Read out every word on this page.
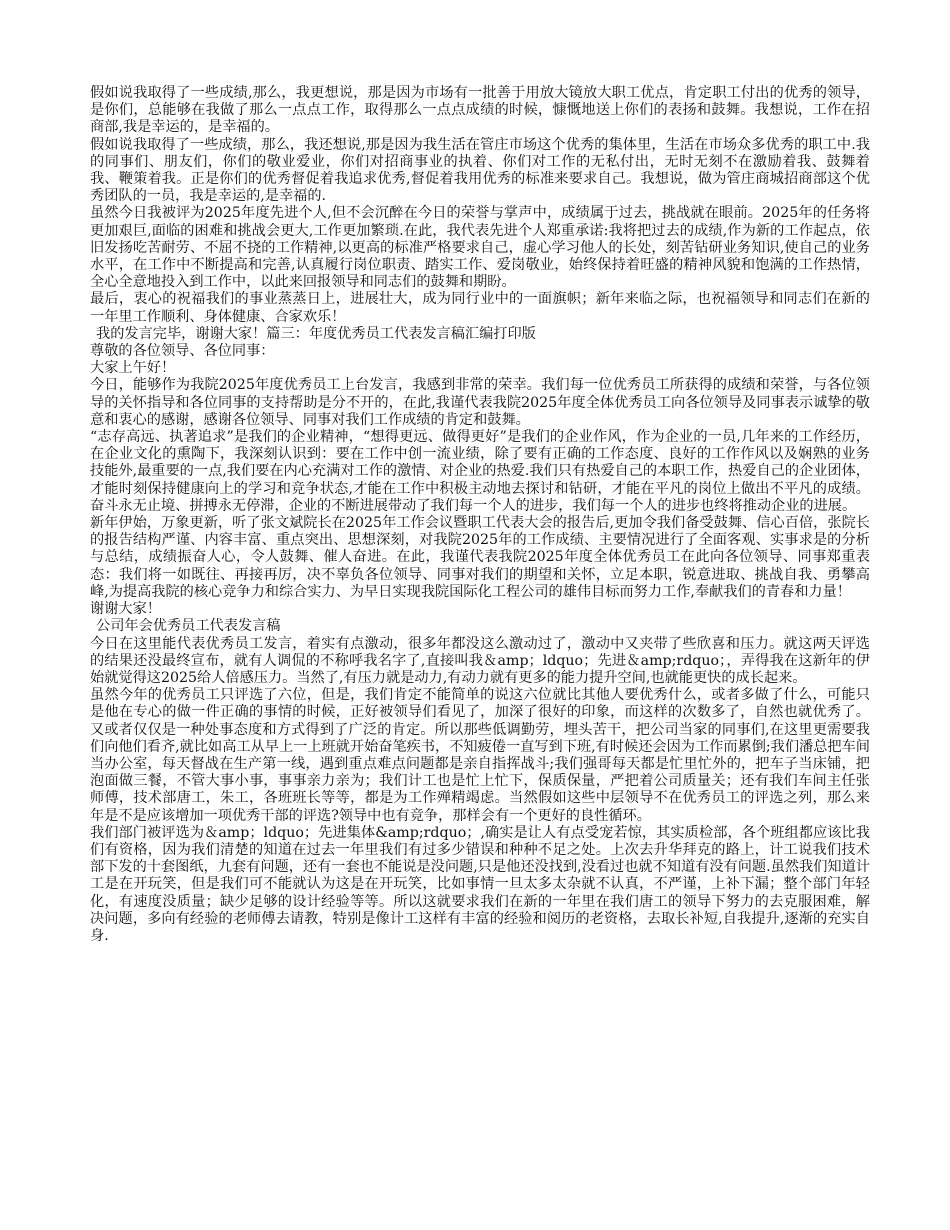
假如说我取得了一些成绩,那么，我更想说，那是因为市场有一批善于用放大镜放大职工优点，肯定职工付出的优秀的领导，是你们，总能够在我做了那么一点点工作，取得那么一点点成绩的时候，慷慨地送上你们的表扬和鼓舞。我想说，工作在招商部,我是幸运的，是幸福的。

假如说我取得了一些成绩，那么，我还想说,那是因为我生活在管庄市场这个优秀的集体里，生活在市场众多优秀的职工中.我的同事们、朋友们，你们的敬业爱业，你们对招商事业的执着、你们对工作的无私付出，无时无刻不在激励着我、鼓舞着我、鞭策着我。正是你们的优秀督促着我追求优秀,督促着我用优秀的标准来要求自己。我想说，做为管庄商城招商部这个优秀团队的一员，我是幸运的,是幸福的.

虽然今日我被评为2025年度先进个人,但不会沉醉在今日的荣誉与掌声中，成绩属于过去，挑战就在眼前。2025年的任务将更加艰巨,面临的困难和挑战会更大,工作更加繁琐.在此，我代表先进个人郑重承诺:我将把过去的成绩,作为新的工作起点，依旧发扬吃苦耐劳、不屈不挠的工作精神,以更高的标准严格要求自己，虚心学习他人的长处，刻苦钻研业务知识,使自己的业务水平，在工作中不断提高和完善,认真履行岗位职责、踏实工作、爱岗敬业，始终保持着旺盛的精神风貌和饱满的工作热情，全心全意地投入到工作中，以此来回报领导和同志们的鼓舞和期盼。

最后，衷心的祝福我们的事业蒸蒸日上，进展壮大，成为同行业中的一面旗帜；新年来临之际，也祝福领导和同志们在新的一年里工作顺利、身体健康、合家欢乐！

我的发言完毕，谢谢大家！篇三：年度优秀员工代表发言稿汇编打印版

尊敬的各位领导、各位同事：

大家上午好！

今日，能够作为我院2025年度优秀员工上台发言，我感到非常的荣幸。我们每一位优秀员工所获得的成绩和荣誉，与各位领导的关怀指导和各位同事的支持帮助是分不开的，在此,我谨代表我院2025年度全体优秀员工向各位领导及同事表示诚挚的敬意和衷心的感谢，感谢各位领导、同事对我们工作成绩的肯定和鼓舞。

“志存高远、执著追求”是我们的企业精神，“想得更远、做得更好”是我们的企业作风，作为企业的一员,几年来的工作经历，在企业文化的熏陶下，我深刻认识到：要在工作中创一流业绩，除了要有正确的工作态度、良好的工作作风以及娴熟的业务技能外,最重要的一点,我们要在内心充满对工作的激情、对企业的热爱.我们只有热爱自己的本职工作，热爱自己的企业团体，才能时刻保持健康向上的学习和竞争状态,才能在工作中积极主动地去探讨和钻研，才能在平凡的岗位上做出不平凡的成绩。奋斗永无止境、拼搏永无停滞，企业的不断进展带动了我们每一个人的进步，我们每一个人的进步也终将推动企业的进展。

新年伊始，万象更新，听了张文斌院长在2025年工作会议暨职工代表大会的报告后,更加令我们备受鼓舞、信心百倍，张院长的报告结构严谨、内容丰富、重点突出、思想深刻，对我院2025年的工作成绩、主要情况进行了全面客观、实事求是的分析与总结，成绩振奋人心，令人鼓舞、催人奋进。在此，我谨代表我院2025年度全体优秀员工在此向各位领导、同事郑重表态：我们将一如既往、再接再厉，决不辜负各位领导、同事对我们的期望和关怀，立足本职，锐意进取、挑战自我、勇攀高峰,为提高我院的核心竞争力和综合实力、为早日实现我院国际化工程公司的雄伟目标而努力工作,奉献我们的青春和力量！

谢谢大家！

公司年会优秀员工代表发言稿

今日在这里能代表优秀员工发言，着实有点激动，很多年都没这么激动过了，激动中又夹带了些欣喜和压力。就这两天评选的结果还没最终宣布，就有人调侃的不称呼我名字了,直接叫我＆amp；ldquo；先进＆amp;rdquo；，弄得我在这新年的伊始就觉得这2025给人倍感压力。当然了,有压力就是动力,有动力就有更多的能力提升空间,也就能更快的成长起来。

虽然今年的优秀员工只评选了六位，但是，我们肯定不能简单的说这六位就比其他人要优秀什么，或者多做了什么，可能只是他在专心的做一件正确的事情的时候，正好被领导们看见了，加深了很好的印象，而这样的次数多了，自然也就优秀了。又或者仅仅是一种处事态度和方式得到了广泛的肯定。所以那些低调勤劳，埋头苦干，把公司当家的同事们,在这里更需要我们向他们看齐,就比如高工从早上一上班就开始奋笔疾书，不知疲倦一直写到下班,有时候还会因为工作而累倒;我们潘总把车间当办公室，每天督战在生产第一线，遇到重点难点问题都是亲自指挥战斗;我们强哥每天都是忙里忙外的，把车子当床铺，把泡面做三餐，不管大事小事，事事亲力亲为；我们计工也是忙上忙下，保质保量，严把着公司质量关；还有我们车间主任张师傅，技术部唐工，朱工，各班班长等等，都是为工作殚精竭虑。当然假如这些中层领导不在优秀员工的评选之列，那么来年是不是应该增加一项优秀干部的评选?领导中也有竞争，那样会有一个更好的良性循环。

我们部门被评选为＆amp；ldquo；先进集体&amp;rdquo；,确实是让人有点受宠若惊，其实质检部，各个班组都应该比我们有资格，因为我们清楚的知道在过去一年里我们有过多少错误和种种不足之处。上次去升华拜克的路上，计工说我们技术部下发的十套图纸，九套有问题，还有一套也不能说是没问题,只是他还没找到,没看过也就不知道有没有问题.虽然我们知道计工是在开玩笑，但是我们可不能就认为这是在开玩笑，比如事情一旦太多太杂就不认真，不严谨，上补下漏；整个部门年轻化，有速度没质量；缺少足够的设计经验等等。所以这就要求我们在新的一年里在我们唐工的领导下努力的去克服困难，解决问题，多向有经验的老师傅去请教，特别是像计工这样有丰富的经验和阅历的老资格，去取长补短,自我提升,逐渐的充实自身.
